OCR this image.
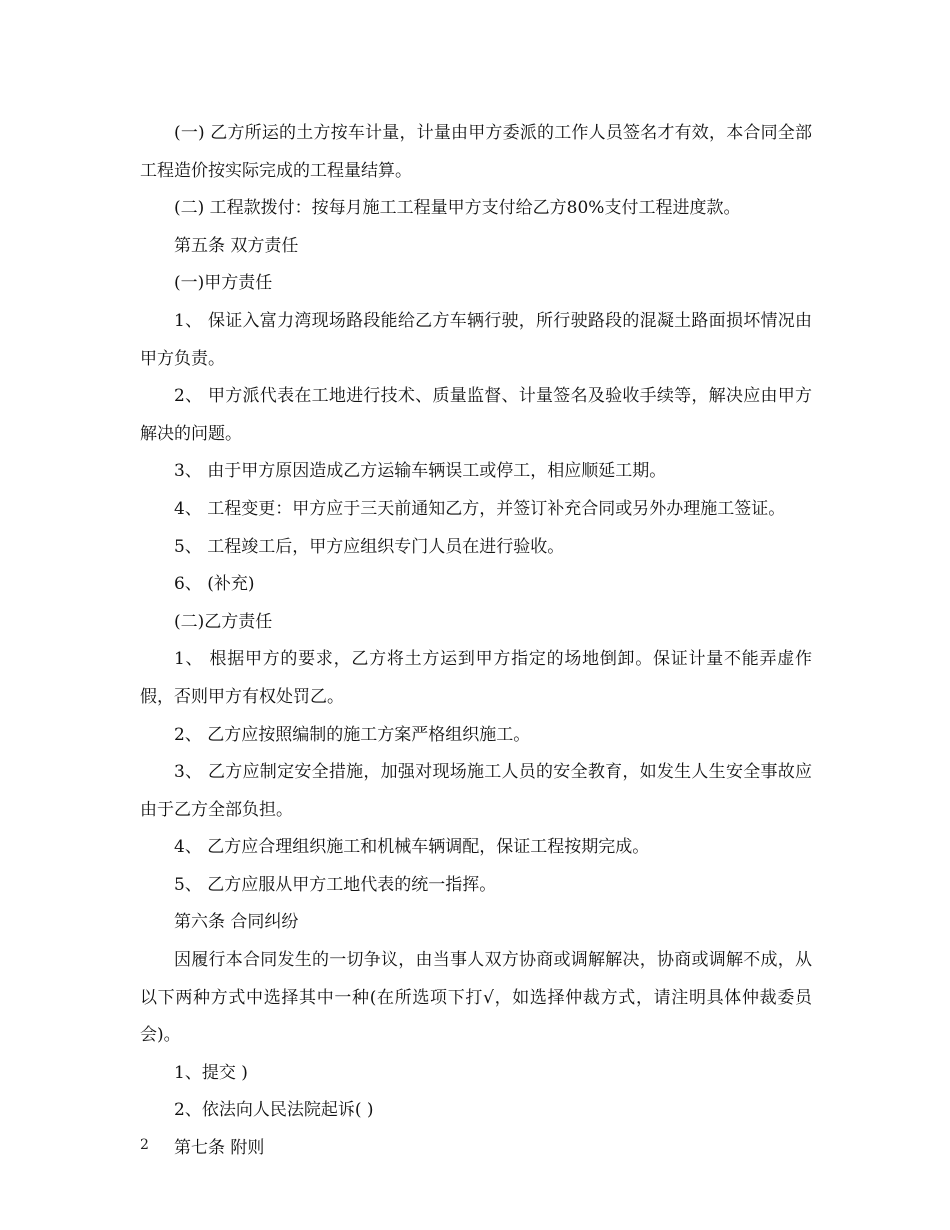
(一) 乙方所运的土方按车计量，计量由甲方委派的工作人员签名才有效，本合同全部工程造价按实际完成的工程量结算。

(二) 工程款拨付：按每月施工工程量甲方支付给乙方80%支付工程进度款。

第五条 双方责任

(一)甲方责任

1、 保证入富力湾现场路段能给乙方车辆行驶，所行驶路段的混凝土路面损坏情况由甲方负责。

2、 甲方派代表在工地进行技术、质量监督、计量签名及验收手续等，解决应由甲方解决的问题。

3、 由于甲方原因造成乙方运输车辆误工或停工，相应顺延工期。

4、 工程变更：甲方应于三天前通知乙方，并签订补充合同或另外办理施工签证。

5、 工程竣工后，甲方应组织专门人员在进行验收。

6、 (补充)

(二)乙方责任

1、 根据甲方的要求，乙方将土方运到甲方指定的场地倒卸。保证计量不能弄虚作假，否则甲方有权处罚乙。

2、 乙方应按照编制的施工方案严格组织施工。

3、 乙方应制定安全措施，加强对现场施工人员的安全教育，如发生人生安全事故应由于乙方全部负担。

4、 乙方应合理组织施工和机械车辆调配，保证工程按期完成。

5、 乙方应服从甲方工地代表的统一指挥。

第六条 合同纠纷

因履行本合同发生的一切争议，由当事人双方协商或调解解决，协商或调解不成，从以下两种方式中选择其中一种(在所选项下打√，如选择仲裁方式，请注明具体仲裁委员会)。

1、提交 )

2、依法向人民法院起诉( )

第七条 附则

2
